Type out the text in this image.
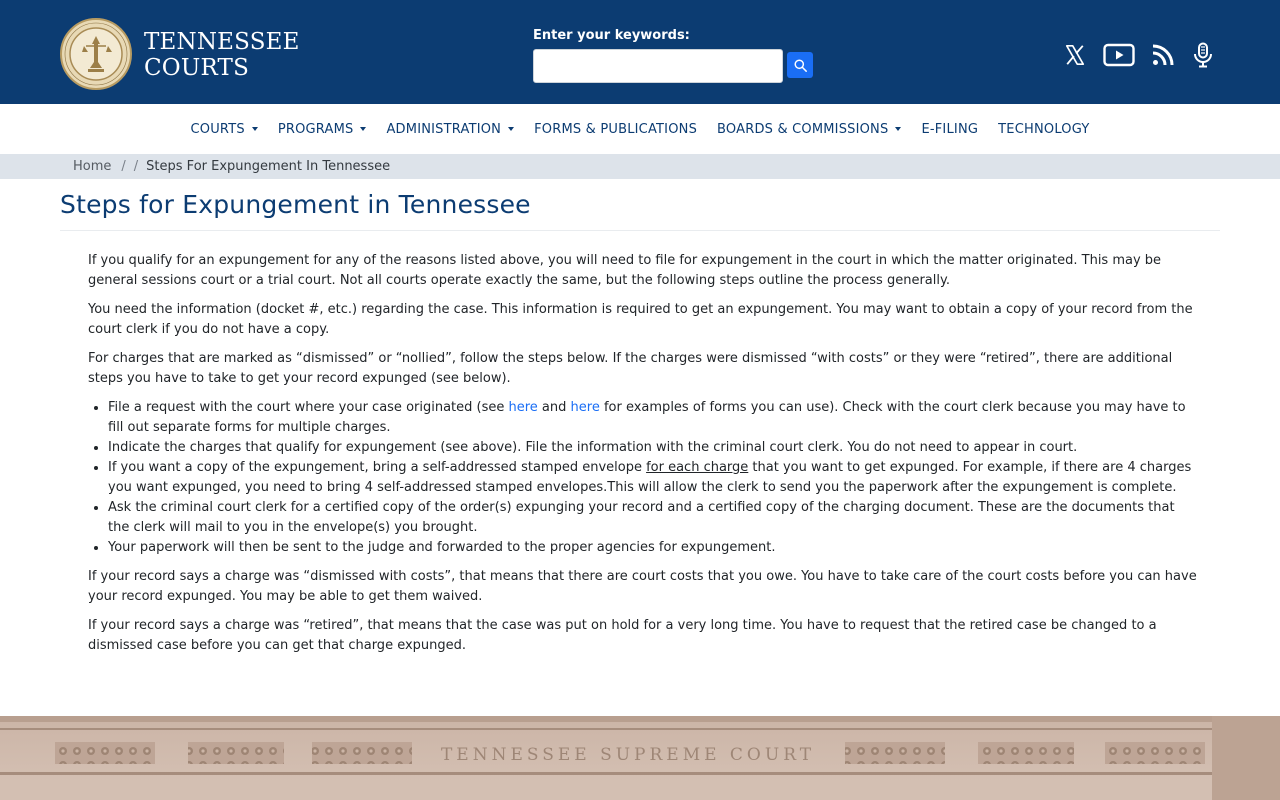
TENNESSEE
COURTS
Enter your keywords:
COURTS	PROGRAMS	ADMINISTRATION	FORMS & PUBLICATIONS BOARDS & COMMISSIONS	E-FILING TECHNOLOGY
Home / / Steps For Expungement In Tennessee
Steps for Expungement in Tennessee

If you qualify for an expungement for any of the reasons listed above, you will need to file for expungement in the court in which the matter originated. This may be general sessions court or a trial court. Not all courts operate exactly the same, but the following steps outline the process generally.

You need the information (docket #, etc.) regarding the case. This information is required to get an expungement. You may want to obtain a copy of your record from the court clerk if you do not have a copy.

For charges that are marked as “dismissed” or “nollied”, follow the steps below. If the charges were dismissed “with costs” or they were “retired”, there are additional steps you have to take to get your record expunged (see below).

• File a request with the court where your case originated (see here and here for examples of forms you can use). Check with the court clerk because you may have to fill out separate forms for multiple charges.
• Indicate the charges that qualify for expungement (see above). File the information with the criminal court clerk. You do not need to appear in court.
• If you want a copy of the expungement, bring a self-addressed stamped envelope for each charge that you want to get expunged. For example, if there are 4 charges you want expunged, you need to bring 4 self-addressed stamped envelopes.This will allow the clerk to send you the paperwork after the expungement is complete.
• Ask the criminal court clerk for a certified copy of the order(s) expunging your record and a certified copy of the charging document. These are the documents that the clerk will mail to you in the envelope(s) you brought.
• Your paperwork will then be sent to the judge and forwarded to the proper agencies for expungement.

If your record says a charge was “dismissed with costs”, that means that there are court costs that you owe. You have to take care of the court costs before you can have your record expunged. You may be able to get them waived.

If your record says a charge was “retired”, that means that the case was put on hold for a very long time. You have to request that the retired case be changed to a dismissed case before you can get that charge expunged.

TENNESSEE SUPREME COURT
